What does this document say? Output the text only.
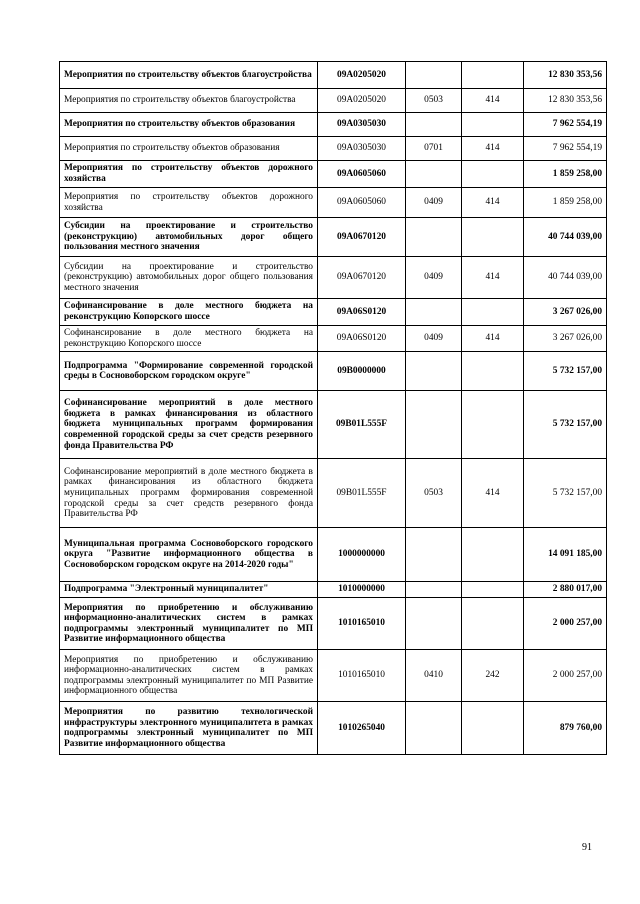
Мероприятия по строительству объектов благоустройства	09А0205020			12 830 353,56
Мероприятия по строительству объектов благоустройства	09А0205020	0503	414	12 830 353,56
Мероприятия по строительству объектов образования	09А0305030			7 962 554,19
Мероприятия по строительству объектов образования	09А0305030	0701	414	7 962 554,19
Мероприятия по строительству объектов дорожного хозяйства	09А0605060			1 859 258,00
Мероприятия по строительству объектов дорожного хозяйства	09А0605060	0409	414	1 859 258,00
Субсидии на проектирование и строительство (реконструкцию) автомобильных дорог общего пользования местного значения	09А0670120			40 744 039,00
Субсидии на проектирование и строительство (реконструкцию) автомобильных дорог общего пользования местного значения	09А0670120	0409	414	40 744 039,00
Софинансирование в доле местного бюджета на реконструкцию Копорского шоссе	09А06S0120			3 267 026,00
Софинансирование в доле местного бюджета на реконструкцию Копорского шоссе	09А06S0120	0409	414	3 267 026,00
Подпрограмма "Формирование современной городской среды в Сосновоборском городском округе"	09В0000000			5 732 157,00
Софинансирование мероприятий в доле местного бюджета в рамках финансирования из областного бюджета муниципальных программ формирования современной городской среды за счет средств резервного фонда Правительства РФ	09В01L555F			5 732 157,00
Софинансирование мероприятий в доле местного бюджета в рамках финансирования из областного бюджета муниципальных программ формирования современной городской среды за счет средств резервного фонда Правительства РФ	09В01L555F	0503	414	5 732 157,00
Муниципальная программа Сосновоборского городского округа "Развитие информационного общества в Сосновоборском городском округе на 2014-2020 годы"	1000000000			14 091 185,00
Подпрограмма "Электронный муниципалитет"	1010000000			2 880 017,00
Мероприятия по приобретению и обслуживанию информационно-аналитических систем в рамках подпрограммы электронный муниципалитет по МП Развитие информационного общества	1010165010			2 000 257,00
Мероприятия по приобретению и обслуживанию информационно-аналитических систем в рамках подпрограммы электронный муниципалитет по МП Развитие информационного общества	1010165010	0410	242	2 000 257,00
Мероприятия по развитию технологической инфраструктуры электронного муниципалитета в рамках подпрограммы электронный муниципалитет по МП Развитие информационного общества	1010265040			879 760,00
91
